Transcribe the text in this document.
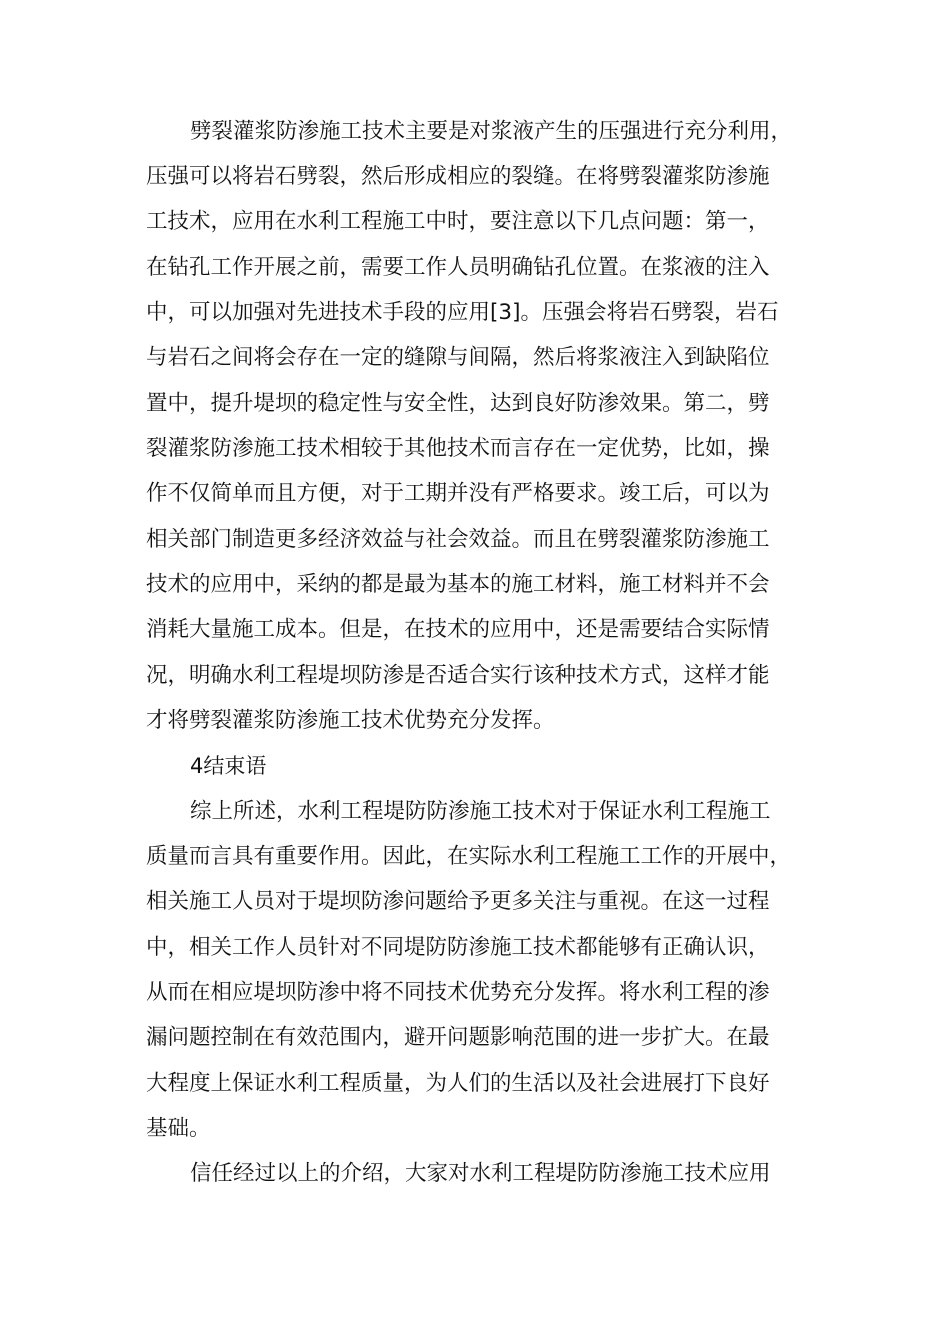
劈裂灌浆防渗施工技术主要是对浆液产生的压强进行充分利用，
压强可以将岩石劈裂，然后形成相应的裂缝。在将劈裂灌浆防渗施
工技术，应用在水利工程施工中时，要注意以下几点问题：第一，
在钻孔工作开展之前，需要工作人员明确钻孔位置。在浆液的注入
中，可以加强对先进技术手段的应用[3]。压强会将岩石劈裂，岩石
与岩石之间将会存在一定的缝隙与间隔，然后将浆液注入到缺陷位
置中，提升堤坝的稳定性与安全性，达到良好防渗效果。第二，劈
裂灌浆防渗施工技术相较于其他技术而言存在一定优势，比如，操
作不仅简单而且方便，对于工期并没有严格要求。竣工后，可以为
相关部门制造更多经济效益与社会效益。而且在劈裂灌浆防渗施工
技术的应用中，采纳的都是最为基本的施工材料，施工材料并不会
消耗大量施工成本。但是，在技术的应用中，还是需要结合实际情
况，明确水利工程堤坝防渗是否适合实行该种技术方式，这样才能
才将劈裂灌浆防渗施工技术优势充分发挥。
4结束语
综上所述，水利工程堤防防渗施工技术对于保证水利工程施工
质量而言具有重要作用。因此，在实际水利工程施工工作的开展中，
相关施工人员对于堤坝防渗问题给予更多关注与重视。在这一过程
中，相关工作人员针对不同堤防防渗施工技术都能够有正确认识，
从而在相应堤坝防渗中将不同技术优势充分发挥。将水利工程的渗
漏问题控制在有效范围内，避开问题影响范围的进一步扩大。在最
大程度上保证水利工程质量，为人们的生活以及社会进展打下良好
基础。
信任经过以上的介绍，大家对水利工程堤防防渗施工技术应用
